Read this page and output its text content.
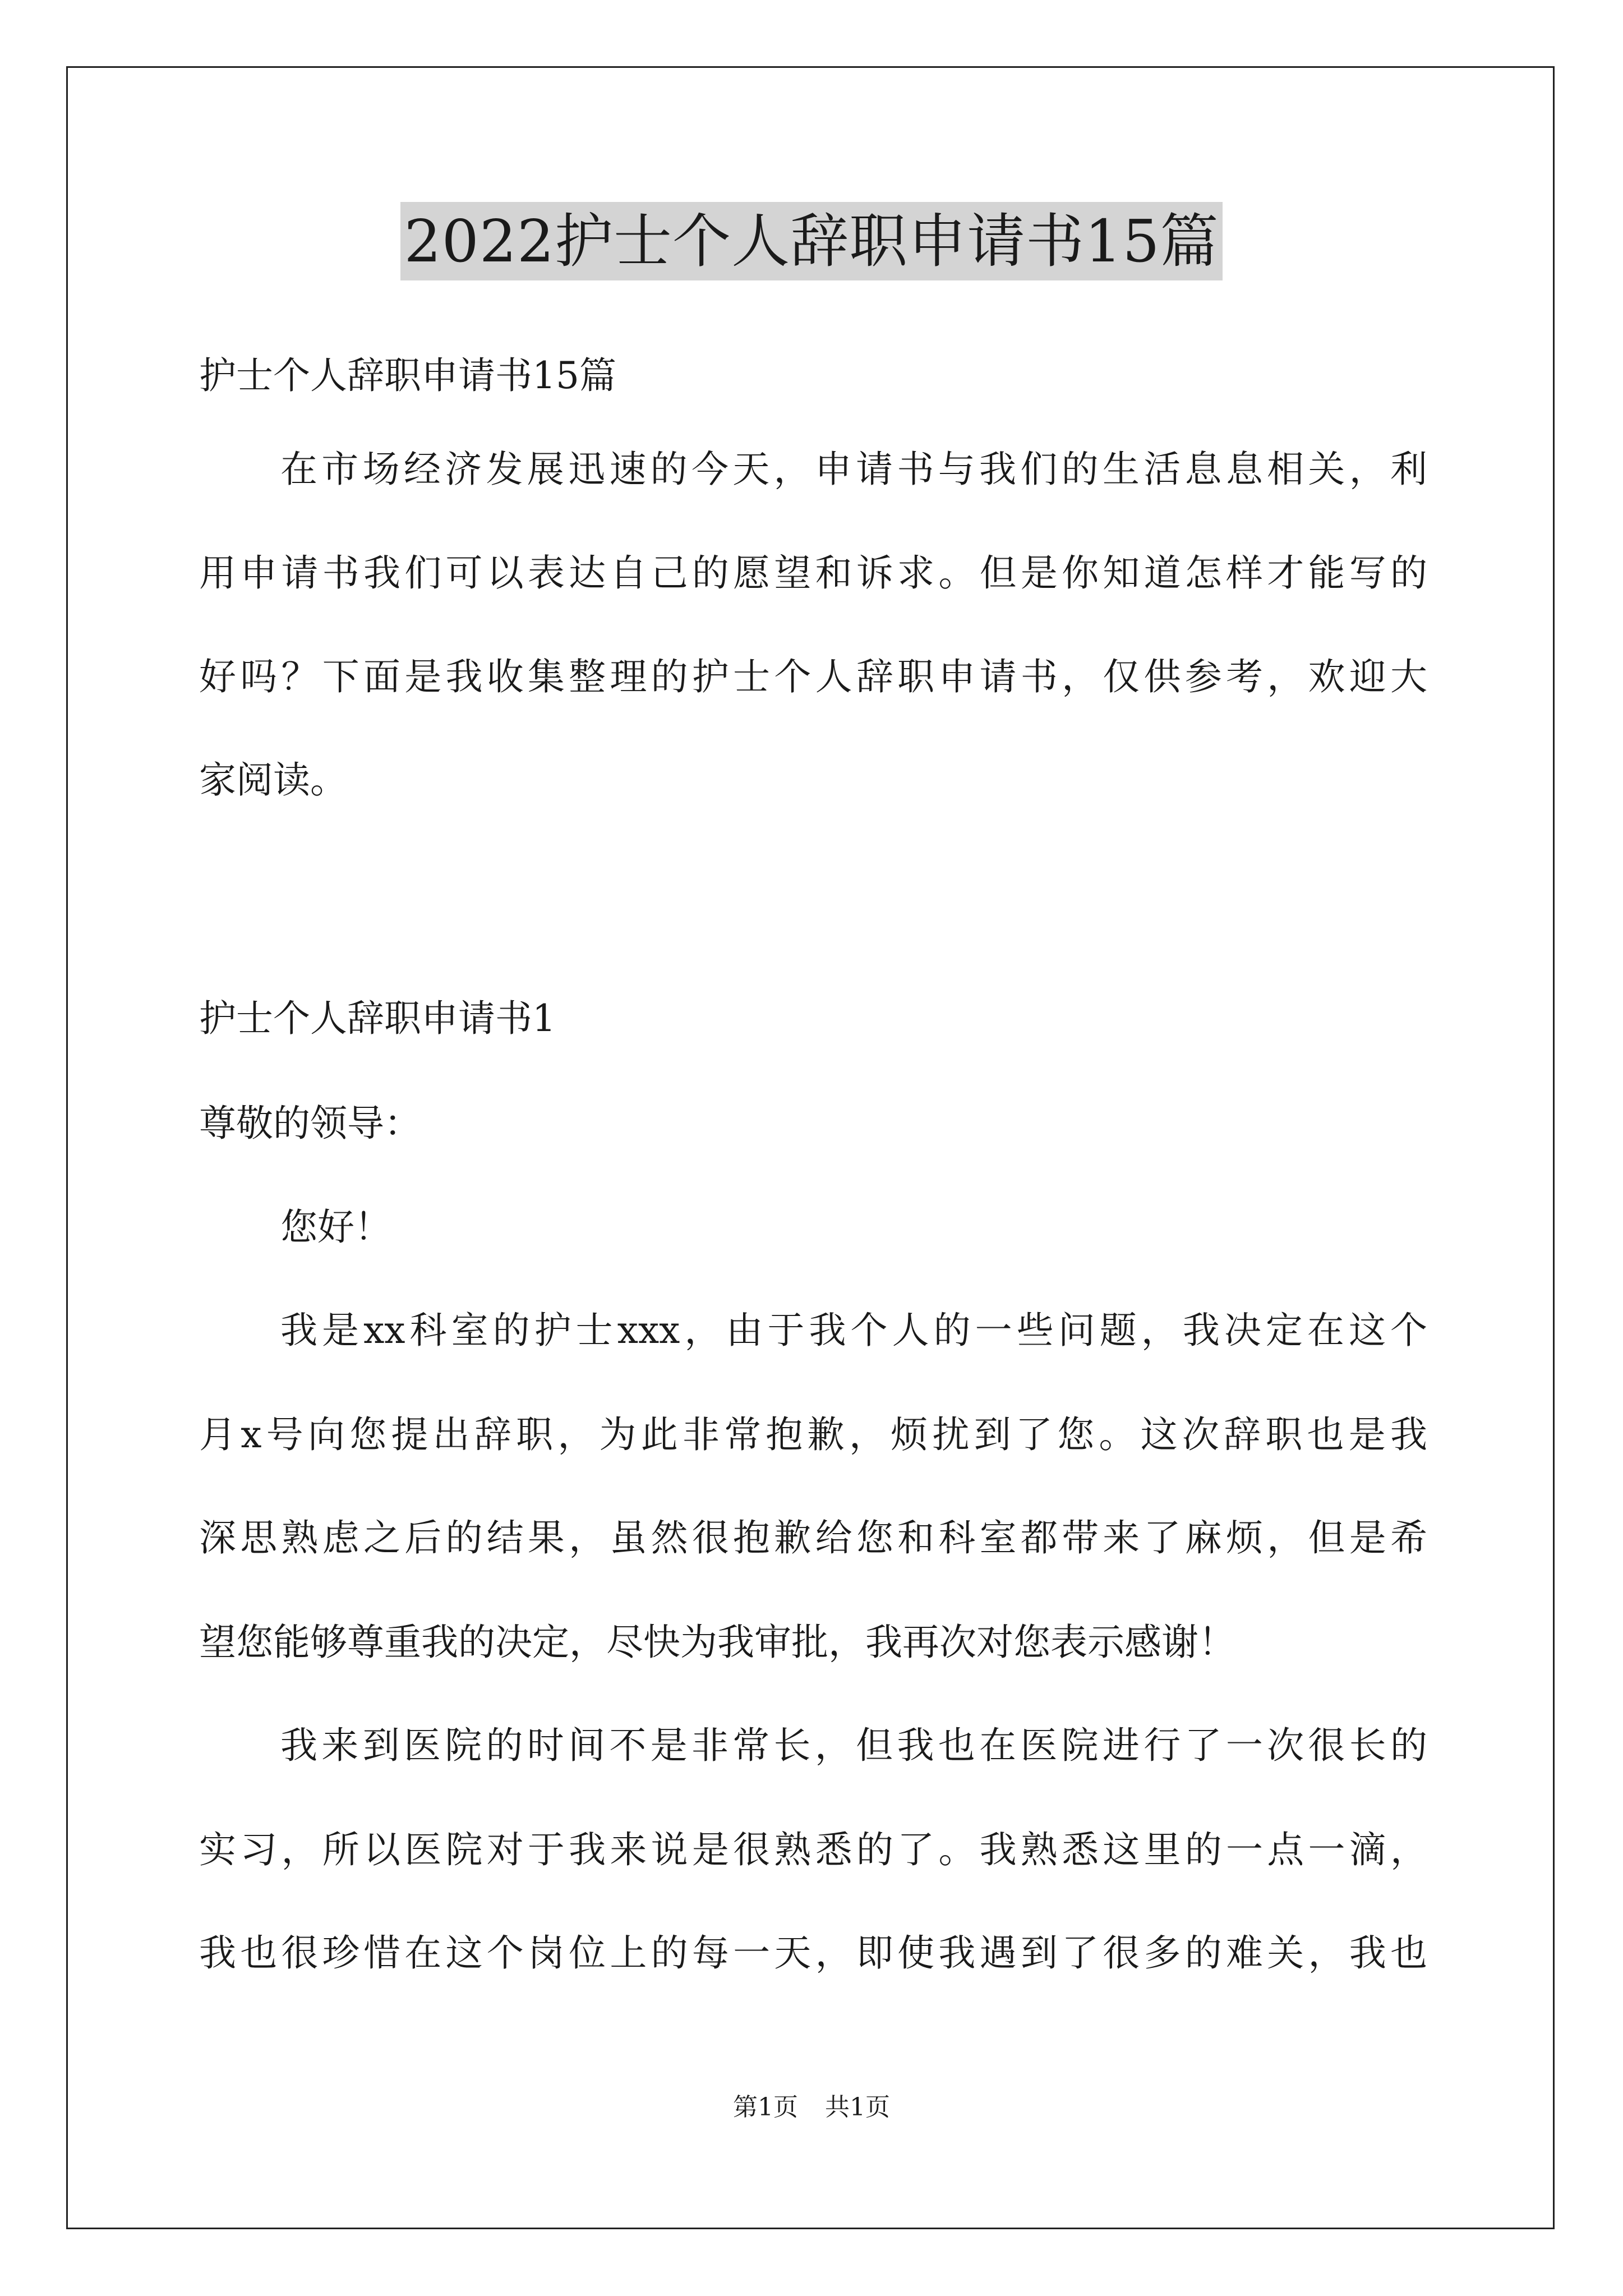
2022护士个人辞职申请书15篇
护士个人辞职申请书15篇
在市场经济发展迅速的今天，申请书与我们的生活息息相关，利
用申请书我们可以表达自己的愿望和诉求。但是你知道怎样才能写的
好吗？下面是我收集整理的护士个人辞职申请书，仅供参考，欢迎大
家阅读。
护士个人辞职申请书1
尊敬的领导：
您好！
我是xx科室的护士xxx，由于我个人的一些问题，我决定在这个
月x号向您提出辞职，为此非常抱歉，烦扰到了您。这次辞职也是我
深思熟虑之后的结果，虽然很抱歉给您和科室都带来了麻烦，但是希
望您能够尊重我的决定，尽快为我审批，我再次对您表示感谢！
我来到医院的时间不是非常长，但我也在医院进行了一次很长的
实习，所以医院对于我来说是很熟悉的了。我熟悉这里的一点一滴，
我也很珍惜在这个岗位上的每一天，即使我遇到了很多的难关，我也
第1页 共1页
